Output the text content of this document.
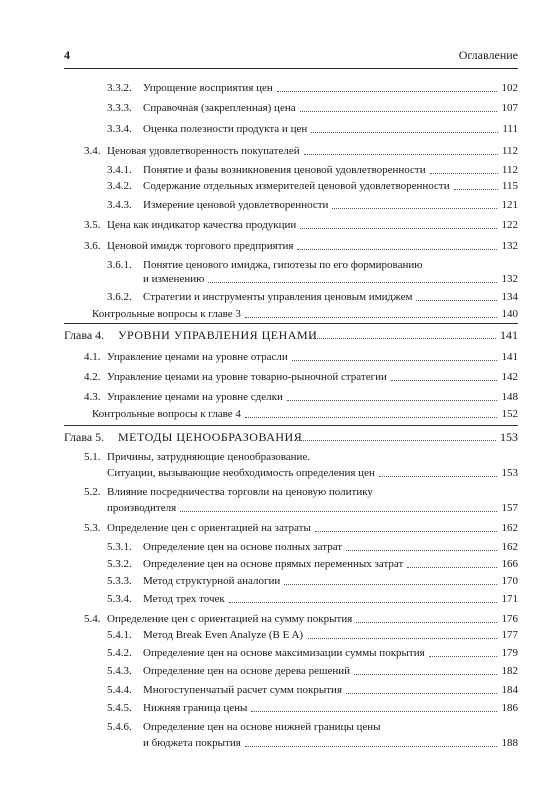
4	Оглавление
3.3.2. Упрощение восприятия цен	102
3.3.3. Справочная (закрепленная) цена	107
3.3.4. Оценка полезности продукта и цен	111
3.4. Ценовая удовлетворенность покупателей	112
3.4.1. Понятие и фазы возникновения ценовой удовлетворенности	112
3.4.2. Содержание отдельных измерителей ценовой удовлетворенности	115
3.4.3. Измерение ценовой удовлетворенности	121
3.5. Цена как индикатор качества продукции	122
3.6. Ценовой имидж торгового предприятия	132
3.6.1. Понятие ценового имиджа, гипотезы по его формированию
и изменению	132
3.6.2. Стратегии и инструменты управления ценовым имиджем	134
Контрольные вопросы к главе 3	140
Глава 4. УРОВНИ УПРАВЛЕНИЯ ЦЕНАМИ	141
4.1. Управление ценами на уровне отрасли	141
4.2. Управление ценами на уровне товарно-рыночной стратегии	142
4.3. Управление ценами на уровне сделки	148
Контрольные вопросы к главе 4	152
Глава 5. МЕТОДЫ ЦЕНООБРАЗОВАНИЯ	153
5.1. Причины, затрудняющие ценообразование.
Ситуации, вызывающие необходимость определения цен	153
5.2. Влияние посредничества торговли на ценовую политику
производителя	157
5.3. Определение цен с ориентацией на затраты	162
5.3.1. Определение цен на основе полных затрат	162
5.3.2. Определение цен на основе прямых переменных затрат	166
5.3.3. Метод структурной аналогии	170
5.3.4. Метод трех точек	171
5.4. Определение цен с ориентацией на сумму покрытия	176
5.4.1. Метод Break Even Analyze (B E A)	177
5.4.2. Определение цен на основе максимизации суммы покрытия	179
5.4.3. Определение цен на основе дерева решений	182
5.4.4. Многоступенчатый расчет сумм покрытия	184
5.4.5. Нижняя граница цены	186
5.4.6. Определение цен на основе нижней границы цены
и бюджета покрытия	188
